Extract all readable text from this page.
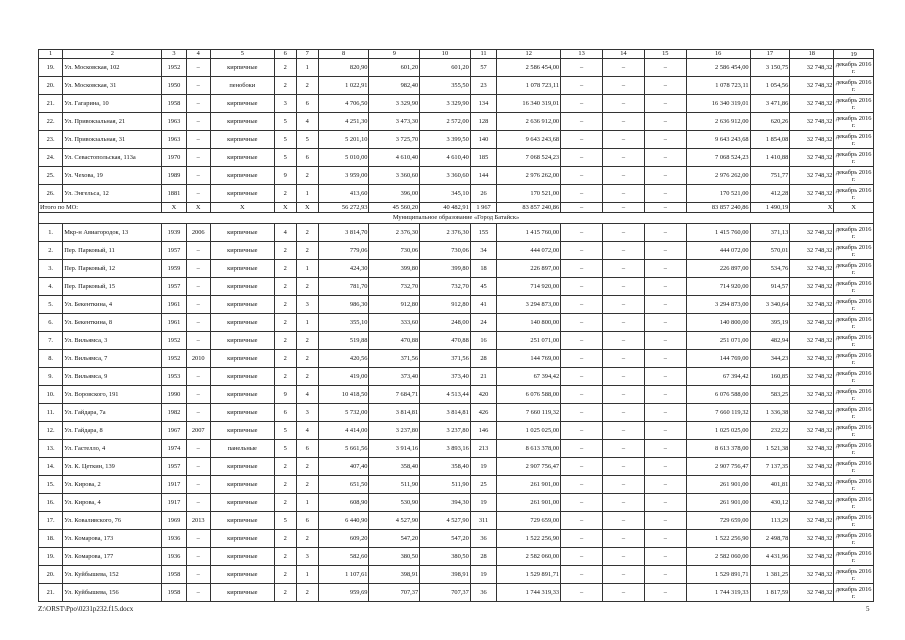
1	2	3	4	5	6	7	8	9	10	11	12	13	14	15	16	17	18	19
19.	Ул. Московская, 102	1952	–	кирпичные	2	1	820,90	601,20	601,20	57	2 586 454,00	–	–	–	2 586 454,00	3 150,75	32 748,32	декабрь 2016 г.
20.	Ул. Московская, 31	1950	–	пенобоки	2	2	1 022,91	982,40	355,50	23	1 078 723,11	–	–	–	1 078 723,11	1 054,56	32 748,32	декабрь 2016 г.
21.	Ул. Гагарина, 10	1958	–	кирпичные	3	6	4 706,50	3 329,90	3 329,90	134	16 340 319,01	–	–	–	16 340 319,01	3 471,86	32 748,32	декабрь 2016 г.
22.	Ул. Привокзальная, 21	1963	–	кирпичные	5	4	4 251,30	3 473,30	2 572,00	128	2 636 912,00	–	–	–	2 636 912,00	620,26	32 748,32	декабрь 2016 г.
23.	Ул. Привокзальная, 31	1963	–	кирпичные	5	5	5 201,10	3 725,70	3 399,50	140	9 643 243,68	–	–	–	9 643 243,68	1 854,08	32 748,32	декабрь 2016 г.
24.	Ул. Севастопольская, 113а	1970	–	кирпичные	5	6	5 010,00	4 610,40	4 610,40	185	7 068 524,23	–	–	–	7 068 524,23	1 410,88	32 748,32	декабрь 2016 г.
25.	Ул. Чехова, 19	1989	–	кирпичные	9	2	3 959,00	3 360,60	3 360,60	144	2 976 262,00	–	–	–	2 976 262,00	751,77	32 748,32	декабрь 2016 г.
26.	Ул. Энгельса, 12	1881	–	кирпичные	2	1	413,60	396,00	345,10	26	170 521,00	–	–	–	170 521,00	412,28	32 748,32	декабрь 2016 г.
Итого по МО:		X	X	X	X	X	56 272,93	45 560,20	40 482,91	1 967	83 857 240,86	–	–	–	83 857 240,86	1 490,19	X	X
Муниципальное образование «Город Батайск»																		
1.	Мкр-н Авиагородок, 13	1939	2006	кирпичные	4	2	3 814,70	2 376,30	2 376,30	155	1 415 760,00	–	–	–	1 415 760,00	371,13	32 748,32	декабрь 2016 г.
2.	Пер. Парковый, 11	1957	–	кирпичные	2	2	779,06	730,06	730,06	34	444 072,00	–	–	–	444 072,00	570,01	32 748,32	декабрь 2016 г.
3.	Пер. Парковый, 12	1959	–	кирпичные	2	1	424,30	399,80	399,80	18	226 897,00	–	–	–	226 897,00	534,76	32 748,32	декабрь 2016 г.
4.	Пер. Парковый, 15	1957	–	кирпичные	2	2	781,70	732,70	732,70	45	714 920,00	–	–	–	714 920,00	914,57	32 748,32	декабрь 2016 г.
5.	Ул. Бекенткина, 4	1961	–	кирпичные	2	3	986,30	912,80	912,80	41	3 294 873,00	–	–	–	3 294 873,00	3 340,64	32 748,32	декабрь 2016 г.
6.	Ул. Бекенткина, 8	1961	–	кирпичные	2	1	355,10	333,60	248,00	24	140 800,00	–	–	–	140 800,00	395,19	32 748,32	декабрь 2016 г.
7.	Ул. Вильямса, 3	1952	–	кирпичные	2	2	519,88	470,88	470,88	16	251 071,00	–	–	–	251 071,00	482,94	32 748,32	декабрь 2016 г.
8.	Ул. Вильямса, 7	1952	2010	кирпичные	2	2	420,56	371,56	371,56	28	144 769,00	–	–	–	144 769,00	344,23	32 748,32	декабрь 2016 г.
9.	Ул. Вильямса, 9	1953	–	кирпичные	2	2	419,00	373,40	373,40	21	67 394,42	–	–	–	67 394,42	160,85	32 748,32	декабрь 2016 г.
10.	Ул. Воровского, 191	1990	–	кирпичные	9	4	10 418,50	7 684,71	4 513,44	420	6 076 588,00	–	–	–	6 076 588,00	583,25	32 748,32	декабрь 2016 г.
11.	Ул. Гайдара, 7а	1982	–	кирпичные	6	3	5 732,00	3 814,81	3 814,81	426	7 660 119,32	–	–	–	7 660 119,32	1 336,38	32 748,32	декабрь 2016 г.
12.	Ул. Гайдара, 8	1967	2007	кирпичные	5	4	4 414,00	3 237,80	3 237,80	146	1 025 025,00	–	–	–	1 025 025,00	232,22	32 748,32	декабрь 2016 г.
13.	Ул. Гастелло, 4	1974	–	панельные	5	6	5 661,56	3 914,16	3 893,16	213	8 613 378,00	–	–	–	8 613 378,00	1 521,38	32 748,32	декабрь 2016 г.
14.	Ул. К. Цеткин, 139	1957	–	кирпичные	2	2	407,40	358,40	358,40	19	2 907 756,47	–	–	–	2 907 756,47	7 137,35	32 748,32	декабрь 2016 г.
15.	Ул. Кирова, 2	1917	–	кирпичные	2	2	651,50	511,90	511,90	25	261 901,00	–	–	–	261 901,00	401,81	32 748,32	декабрь 2016 г.
16.	Ул. Кирова, 4	1917	–	кирпичные	2	1	608,90	530,90	394,30	19	261 901,00	–	–	–	261 901,00	430,12	32 748,32	декабрь 2016 г.
17.	Ул. Коваливского, 76	1969	2013	кирпичные	5	6	6 440,90	4 527,90	4 527,90	311	729 659,00	–	–	–	729 659,00	113,29	32 748,32	декабрь 2016 г.
18.	Ул. Комарова, 173	1936	–	кирпичные	2	2	609,20	547,20	547,20	36	1 522 256,90	–	–	–	1 522 256,90	2 498,78	32 748,32	декабрь 2016 г.
19.	Ул. Комарова, 177	1936	–	кирпичные	2	3	582,60	380,50	380,50	28	2 582 060,00	–	–	–	2 582 060,00	4 431,96	32 748,32	декабрь 2016 г.
20.	Ул. Куйбышева, 152	1958	–	кирпичные	2	1	1 107,61	398,91	398,91	19	1 529 891,71	–	–	–	1 529 891,71	1 381,25	32 748,32	декабрь 2016 г.
21.	Ул. Куйбышева, 156	1958	–	кирпичные	2	2	959,69	707,37	707,37	36	1 744 319,33	–	–	–	1 744 319,33	1 817,59	32 748,32	декабрь 2016 г.
Z:\ORST\Ppo\0231p232.f15.docx	5
